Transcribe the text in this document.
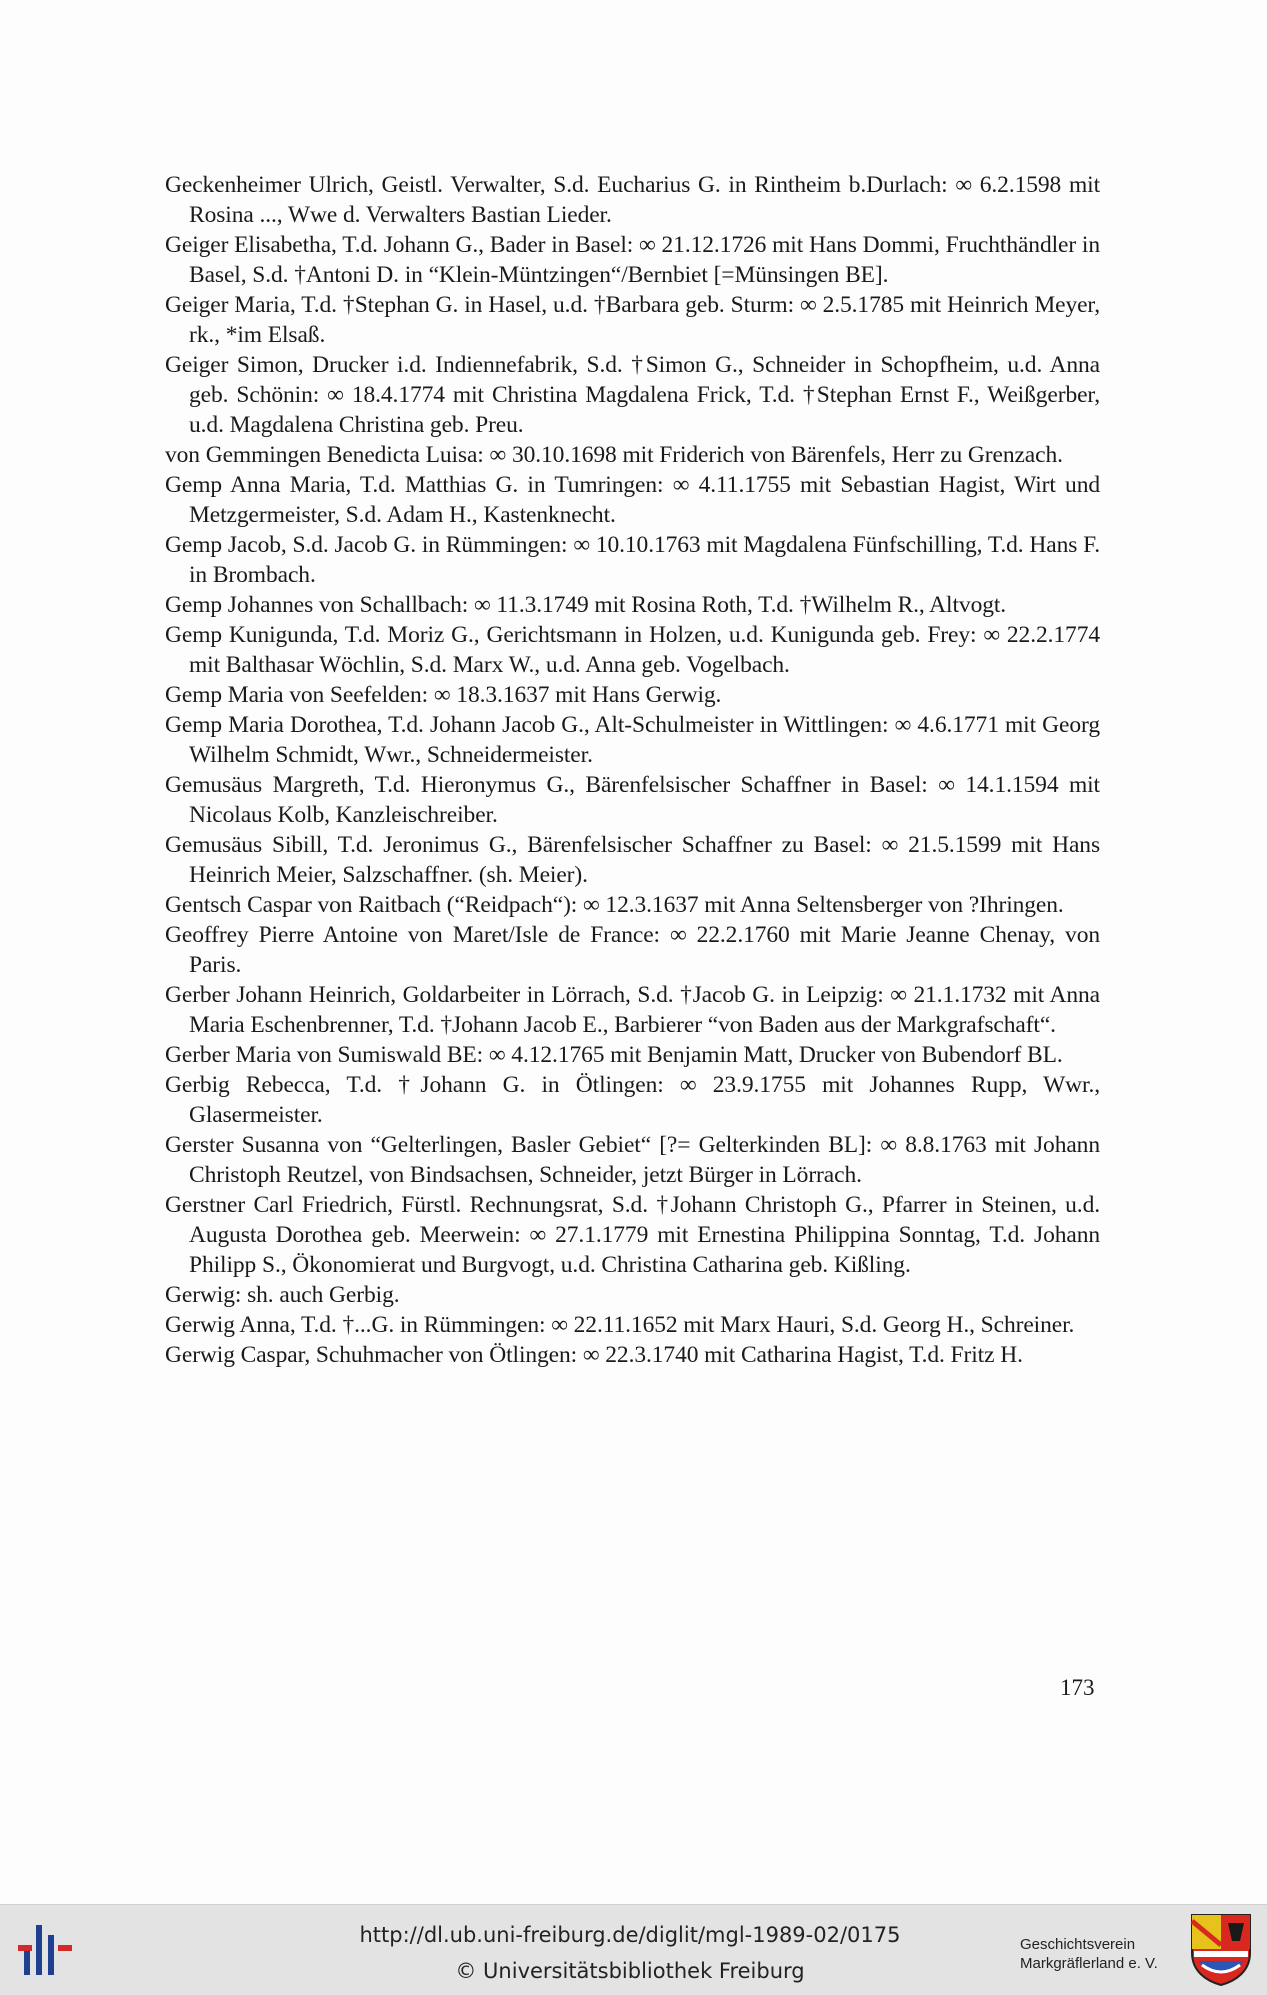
Geckenheimer Ulrich, Geistl. Verwalter, S.d. Eucharius G. in Rintheim b.Durlach: ∞ 6.2.1598 mit Rosina ..., Wwe d. Verwalters Bastian Lieder.

Geiger Elisabetha, T.d. Johann G., Bader in Basel: ∞ 21.12.1726 mit Hans Dommi, Fruchthändler in Basel, S.d. †Antoni D. in “Klein-Müntzingen“/Bernbiet [=Münsingen BE].

Geiger Maria, T.d. †Stephan G. in Hasel, u.d. †Barbara geb. Sturm: ∞ 2.5.1785 mit Heinrich Meyer, rk., *im Elsaß.

Geiger Simon, Drucker i.d. Indiennefabrik, S.d. †Simon G., Schneider in Schopfheim, u.d. Anna geb. Schönin: ∞ 18.4.1774 mit Christina Magdalena Frick, T.d. †Stephan Ernst F., Weißgerber, u.d. Magdalena Christina geb. Preu.

von Gemmingen Benedicta Luisa: ∞ 30.10.1698 mit Friderich von Bärenfels, Herr zu Grenzach.

Gemp Anna Maria, T.d. Matthias G. in Tumringen: ∞ 4.11.1755 mit Sebastian Hagist, Wirt und Metzgermeister, S.d. Adam H., Kastenknecht.

Gemp Jacob, S.d. Jacob G. in Rümmingen: ∞ 10.10.1763 mit Magdalena Fünfschilling, T.d. Hans F. in Brombach.

Gemp Johannes von Schallbach: ∞ 11.3.1749 mit Rosina Roth, T.d. †Wilhelm R., Altvogt.

Gemp Kunigunda, T.d. Moriz G., Gerichtsmann in Holzen, u.d. Kunigunda geb. Frey: ∞ 22.2.1774 mit Balthasar Wöchlin, S.d. Marx W., u.d. Anna geb. Vogelbach.

Gemp Maria von Seefelden: ∞ 18.3.1637 mit Hans Gerwig.

Gemp Maria Dorothea, T.d. Johann Jacob G., Alt-Schulmeister in Wittlingen: ∞ 4.6.1771 mit Georg Wilhelm Schmidt, Wwr., Schneidermeister.

Gemusäus Margreth, T.d. Hieronymus G., Bärenfelsischer Schaffner in Basel: ∞ 14.1.1594 mit Nicolaus Kolb, Kanzleischreiber.

Gemusäus Sibill, T.d. Jeronimus G., Bärenfelsischer Schaffner zu Basel: ∞ 21.5.1599 mit Hans Heinrich Meier, Salzschaffner. (sh. Meier).

Gentsch Caspar von Raitbach (“Reidpach“): ∞ 12.3.1637 mit Anna Seltensberger von ?Ihringen.

Geoffrey Pierre Antoine von Maret/Isle de France: ∞ 22.2.1760 mit Marie Jeanne Chenay, von Paris.

Gerber Johann Heinrich, Goldarbeiter in Lörrach, S.d. †Jacob G. in Leipzig: ∞ 21.1.1732 mit Anna Maria Eschenbrenner, T.d. †Johann Jacob E., Barbierer “von Baden aus der Markgrafschaft“.

Gerber Maria von Sumiswald BE: ∞ 4.12.1765 mit Benjamin Matt, Drucker von Bubendorf BL.

Gerbig Rebecca, T.d. †Johann G. in Ötlingen: ∞ 23.9.1755 mit Johannes Rupp, Wwr., Glasermeister.

Gerster Susanna von “Gelterlingen, Basler Gebiet“ [?= Gelterkinden BL]: ∞ 8.8.1763 mit Johann Christoph Reutzel, von Bindsachsen, Schneider, jetzt Bürger in Lörrach.

Gerstner Carl Friedrich, Fürstl. Rechnungsrat, S.d. †Johann Christoph G., Pfarrer in Steinen, u.d. Augusta Dorothea geb. Meerwein: ∞ 27.1.1779 mit Ernestina Philippina Sonntag, T.d. Johann Philipp S., Ökonomierat und Burgvogt, u.d. Christina Catharina geb. Kißling.

Gerwig: sh. auch Gerbig.

Gerwig Anna, T.d. †...G. in Rümmingen: ∞ 22.11.1652 mit Marx Hauri, S.d. Georg H., Schreiner.

Gerwig Caspar, Schuhmacher von Ötlingen: ∞ 22.3.1740 mit Catharina Hagist, T.d. Fritz H.

173
http://dl.ub.uni-freiburg.de/diglit/mgl-1989-02/0175
© Universitätsbibliothek Freiburg
Geschichtsverein
Markgräflerland e. V.
